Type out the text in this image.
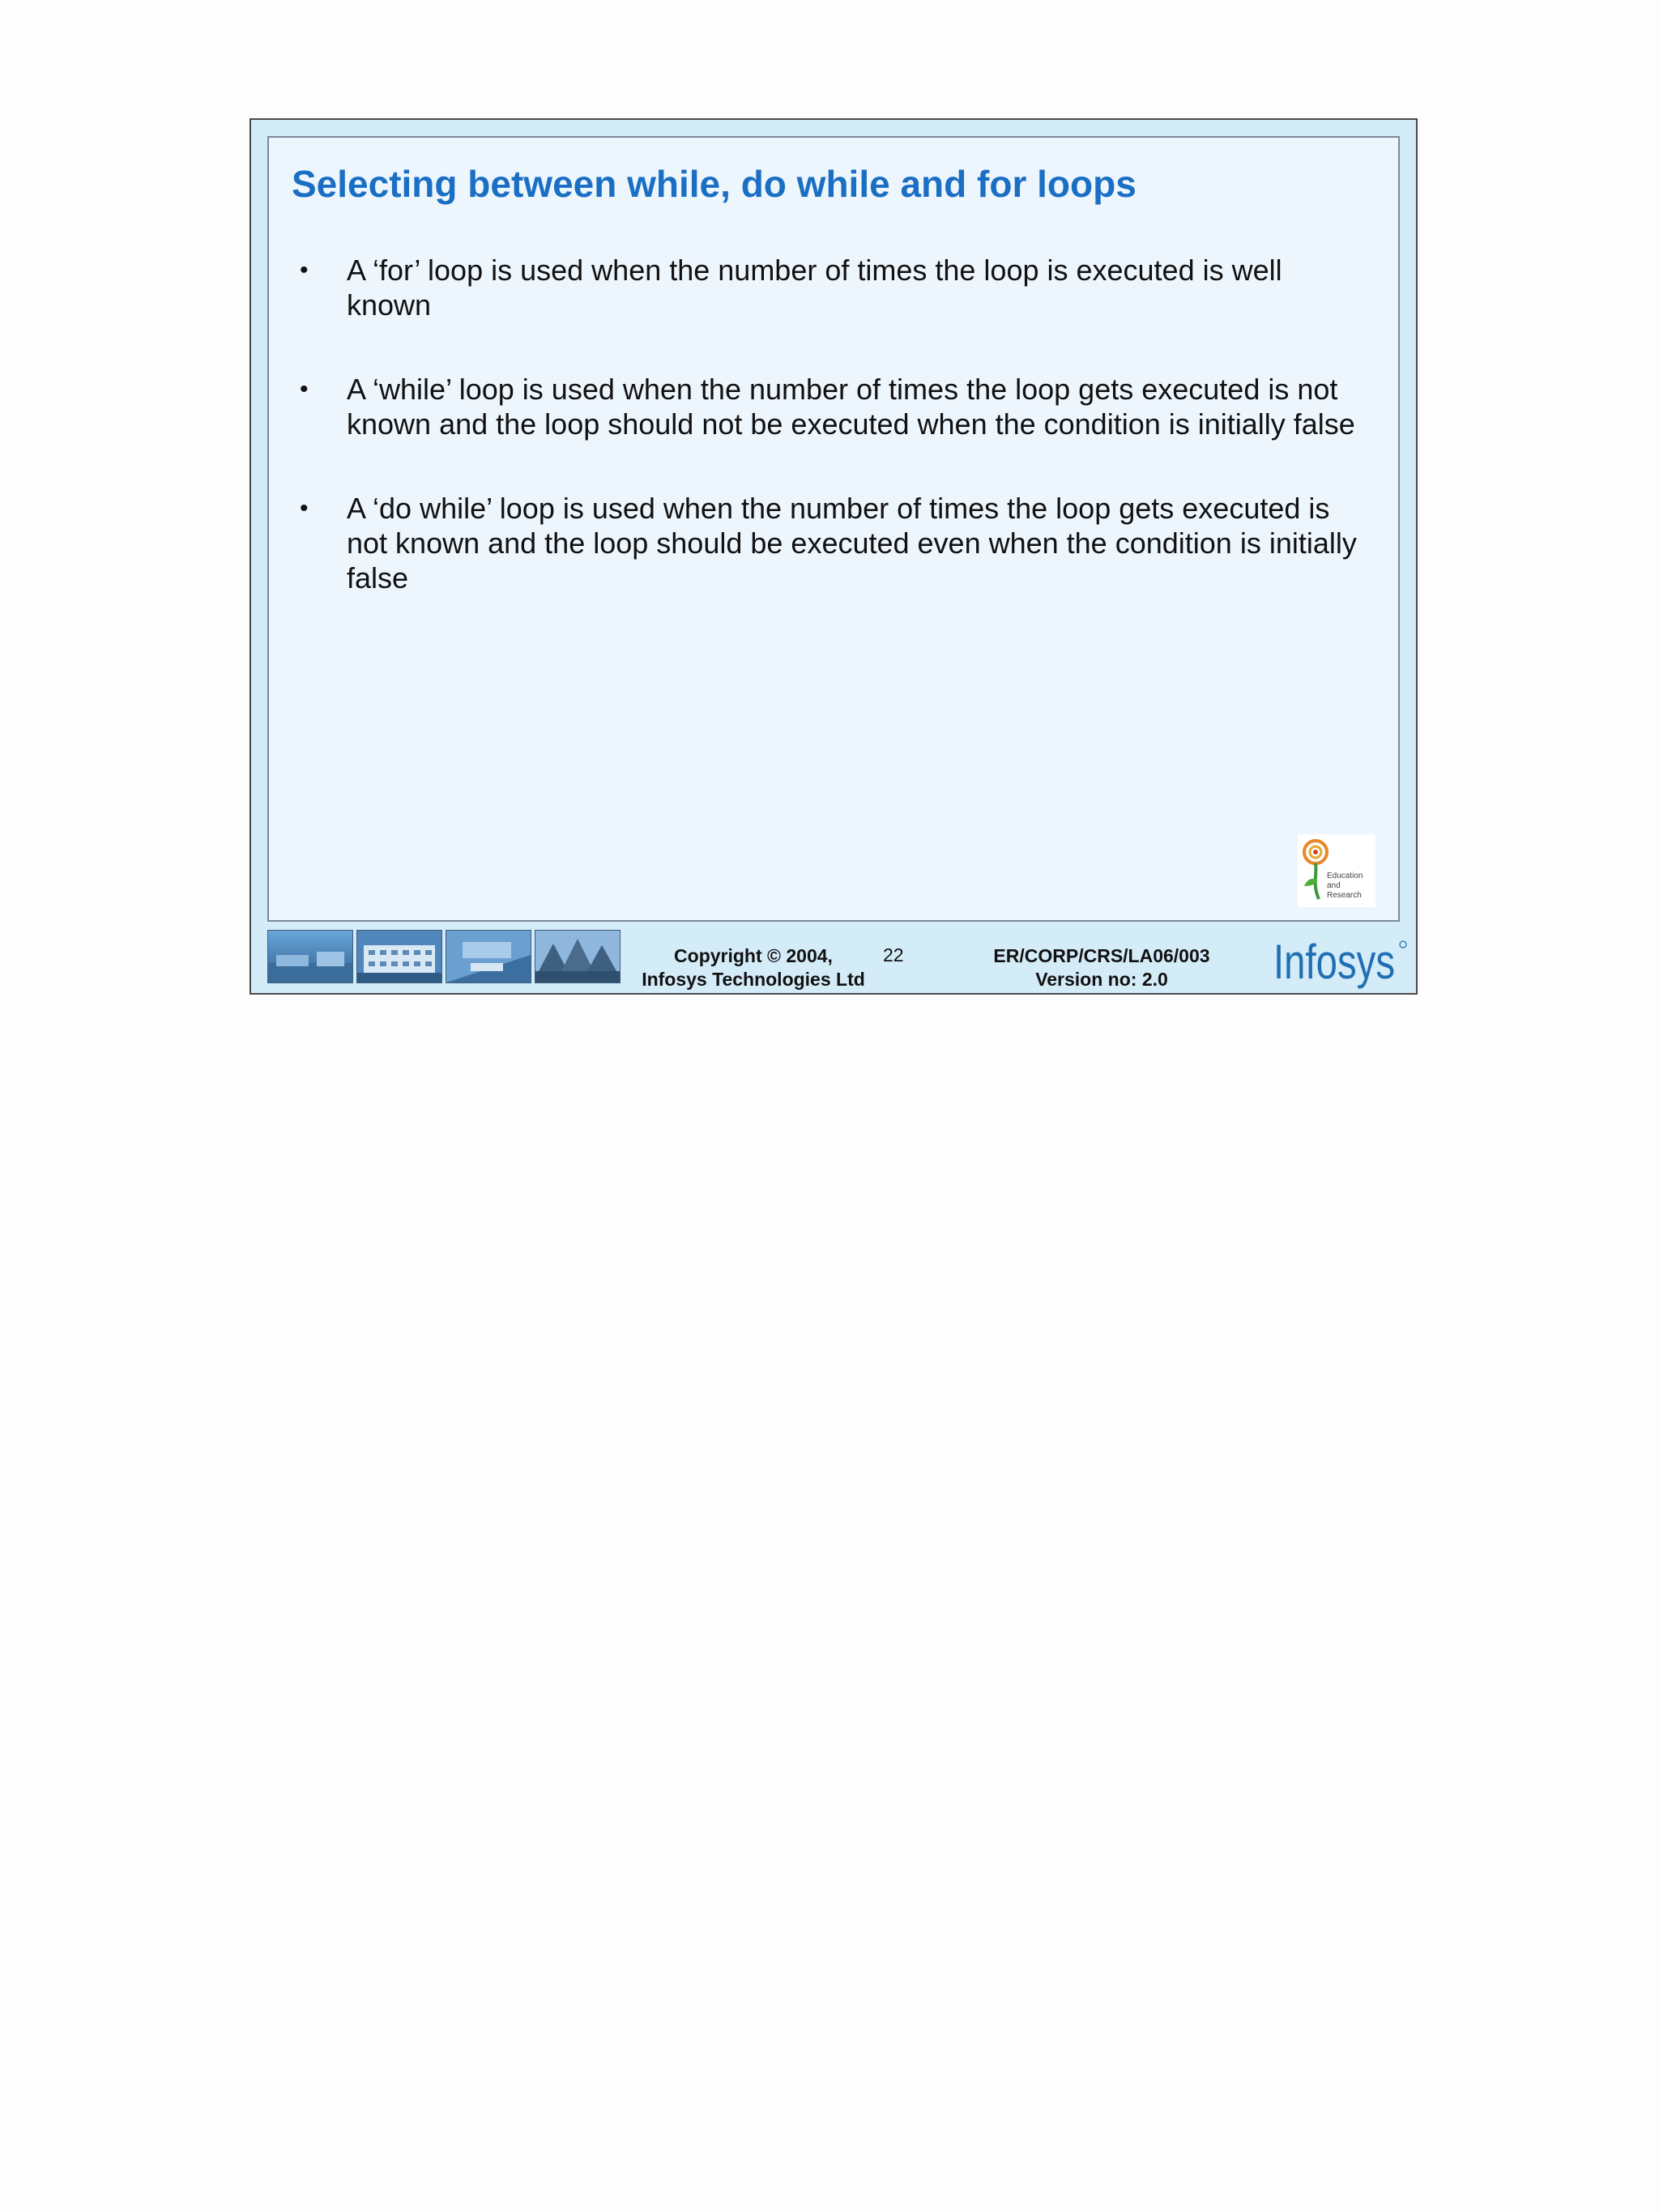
Selecting between while, do while and for loops
• A ‘for’ loop is used when the number of times the loop is executed is well
known
• A ‘while’ loop is used when the number of times the loop gets executed is not
known and the loop should not be executed when the condition is initially false
• A ‘do while’ loop is used when the number of times the loop gets executed is
not known and the loop should be executed even when the condition is initially
false
Education
and
Research
Copyright © 2004,
Infosys Technologies Ltd
22	ER/CORP/CRS/LA06/003
Version no: 2.0	Infosys
